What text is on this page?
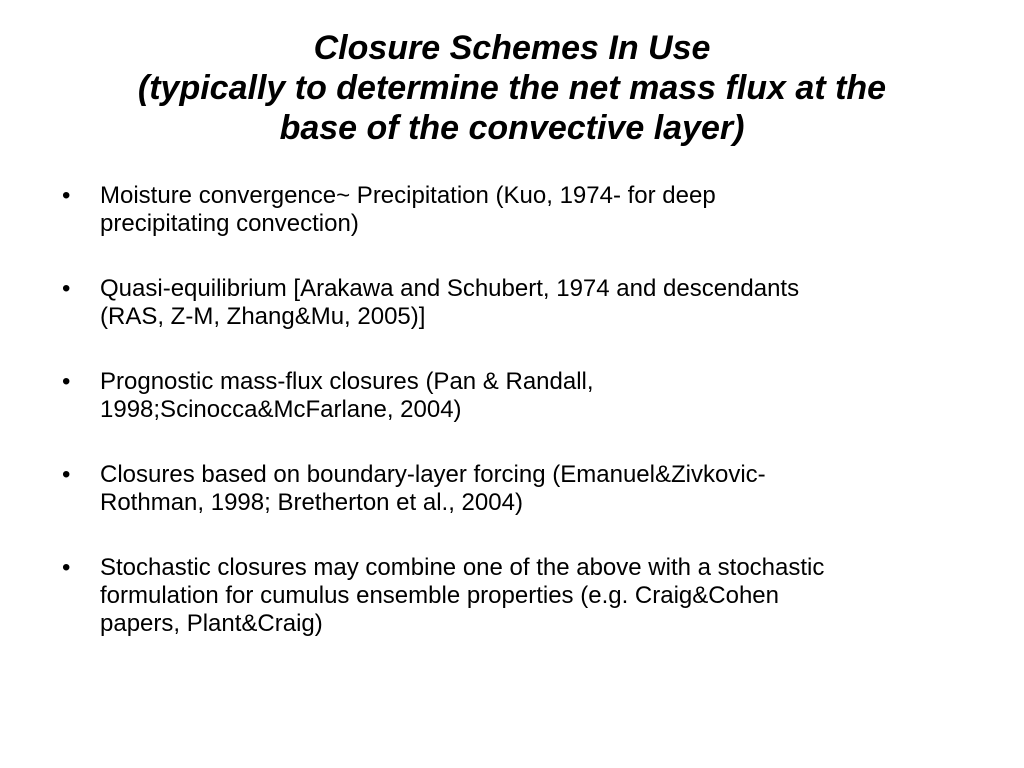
Closure Schemes In Use
(typically to determine the net mass flux at the
base of the convective layer)
• Moisture convergence~ Precipitation (Kuo, 1974- for deep
precipitating convection)
• Quasi-equilibrium [Arakawa and Schubert, 1974 and descendants
(RAS, Z-M, Zhang&Mu, 2005)]
• Prognostic mass-flux closures (Pan & Randall,
1998;Scinocca&McFarlane, 2004)
• Closures based on boundary-layer forcing (Emanuel&Zivkovic-
Rothman, 1998; Bretherton et al., 2004)
• Stochastic closures may combine one of the above with a stochastic
formulation for cumulus ensemble properties (e.g. Craig&Cohen
papers, Plant&Craig)
